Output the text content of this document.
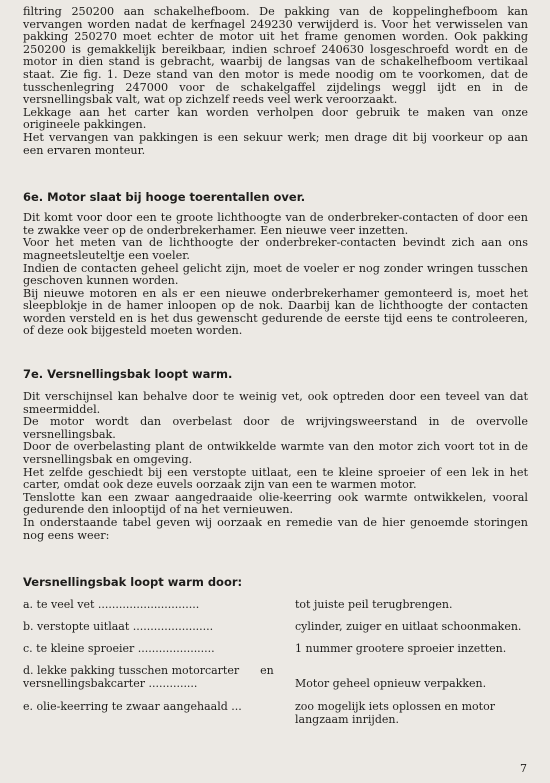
filtring 250200 aan schakelhefboom. De pakking van de koppelinghefboom kan vervangen worden nadat de kerfnagel 249230 verwijderd is. Voor het verwisselen van pakking 250270 moet echter de motor uit het frame genomen worden. Ook pakking 250200 is gemakkelijk bereikbaar, indien schroef 240630 losgeschroefd wordt en de motor in dien stand is gebracht, waarbij de langsas van de schakelhefboom vertikaal staat. Zie fig. 1. Deze stand van den motor is mede noodig om te voorkomen, dat de tusschenlegring 247000 voor de schakelgaffel zijdelings weggl ijdt en in de versnellingsbak valt, wat op zichzelf reeds veel werk veroorzaakt.

Lekkage aan het carter kan worden verholpen door gebruik te maken van onze origineele pakkingen.

Het vervangen van pakkingen is een sekuur werk; men drage dit bij voorkeur op aan een ervaren monteur.

6e. Motor slaat bij hooge toerentallen over.

Dit komt voor door een te groote lichthoogte van de onderbreker-contacten of door een te zwakke veer op de onderbrekerhamer. Een nieuwe veer inzetten.

Voor het meten van de lichthoogte der onderbreker-contacten bevindt zich aan ons magneetsleuteltje een voeler.

Indien de contacten geheel gelicht zijn, moet de voeler er nog zonder wringen tusschen geschoven kunnen worden.

Bij nieuwe motoren en als er een nieuwe onderbrekerhamer gemonteerd is, moet het sleepblokje in de hamer inloopen op de nok. Daarbij kan de lichthoogte der contacten worden versteld en is het dus gewenscht gedurende de eerste tijd eens te controleeren, of deze ook bijgesteld moeten worden.

7e. Versnellingsbak loopt warm.

Dit verschijnsel kan behalve door te weinig vet, ook optreden door een teveel van dat smeermiddel.

De motor wordt dan overbelast door de wrijvingsweerstand in de overvolle versnellingsbak.

Door de overbelasting plant de ontwikkelde warmte van den motor zich voort tot in de versnellingsbak en omgeving.

Het zelfde geschiedt bij een verstopte uitlaat, een te kleine sproeier of een lek in het carter, omdat ook deze euvels oorzaak zijn van een te warmen motor.

Tenslotte kan een zwaar aangedraaide olie-keerring ook warmte ontwikkelen, vooral gedurende den inlooptijd of na het vernieuwen.

In onderstaande tabel geven wij oorzaak en remedie van de hier genoemde storingen nog eens weer:

Versnellingsbak loopt warm door:
a. te veel vet .............................	tot juiste peil terugbrengen.
b. verstopte uitlaat .......................	cylinder, zuiger en uitlaat schoonmaken.
c. te kleine sproeier ......................	1 nummer grootere sproeier inzetten.
d. lekke pakking tusschen motorcarter      en versnellingsbakcarter ..............	Motor geheel opnieuw verpakken.
e. olie-keerring te zwaar aangehaald ...	zoo mogelijk iets oplossen en motor langzaam inrijden.
7
